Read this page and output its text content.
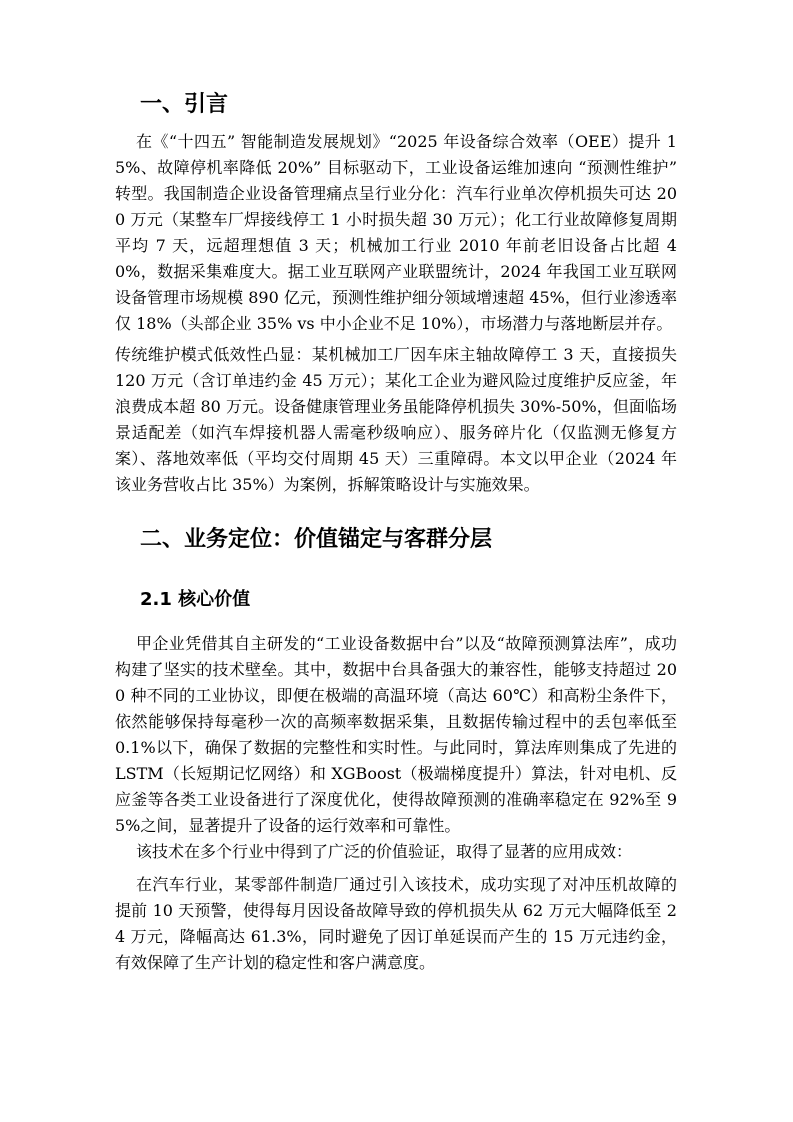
一、引言

在《“十四五” 智能制造发展规划》“2025 年设备综合效率（OEE）提升 15%、故障停机率降低 20%” 目标驱动下，工业设备运维加速向 “预测性维护” 转型。我国制造企业设备管理痛点呈行业分化：汽车行业单次停机损失可达 200 万元（某整车厂焊接线停工 1 小时损失超 30 万元）；化工行业故障修复周期平均 7 天，远超理想值 3 天；机械加工行业 2010 年前老旧设备占比超 40%，数据采集难度大。据工业互联网产业联盟统计，2024 年我国工业互联网设备管理市场规模 890 亿元，预测性维护细分领域增速超 45%，但行业渗透率仅 18%（头部企业 35% vs 中小企业不足 10%），市场潜力与落地断层并存。

传统维护模式低效性凸显：某机械加工厂因车床主轴故障停工 3 天，直接损失 120 万元（含订单违约金 45 万元）；某化工企业为避风险过度维护反应釜，年浪费成本超 80 万元。设备健康管理业务虽能降停机损失 30%-50%，但面临场景适配差（如汽车焊接机器人需毫秒级响应）、服务碎片化（仅监测无修复方案）、落地效率低（平均交付周期 45 天）三重障碍。本文以甲企业（2024 年该业务营收占比 35%）为案例，拆解策略设计与实施效果。

二、业务定位：价值锚定与客群分层
2.1 核心价值

甲企业凭借其自主研发的“工业设备数据中台”以及“故障预测算法库”，成功构建了坚实的技术壁垒。其中，数据中台具备强大的兼容性，能够支持超过 200 种不同的工业协议，即便在极端的高温环境（高达 60℃）和高粉尘条件下，依然能够保持每毫秒一次的高频率数据采集，且数据传输过程中的丢包率低至 0.1%以下，确保了数据的完整性和实时性。与此同时，算法库则集成了先进的 LSTM（长短期记忆网络）和 XGBoost（极端梯度提升）算法，针对电机、反应釜等各类工业设备进行了深度优化，使得故障预测的准确率稳定在 92%至 95%之间，显著提升了设备的运行效率和可靠性。

该技术在多个行业中得到了广泛的价值验证，取得了显著的应用成效：

在汽车行业，某零部件制造厂通过引入该技术，成功实现了对冲压机故障的提前 10 天预警，使得每月因设备故障导致的停机损失从 62 万元大幅降低至 24 万元，降幅高达 61.3%，同时避免了因订单延误而产生的 15 万元违约金，有效保障了生产计划的稳定性和客户满意度。
